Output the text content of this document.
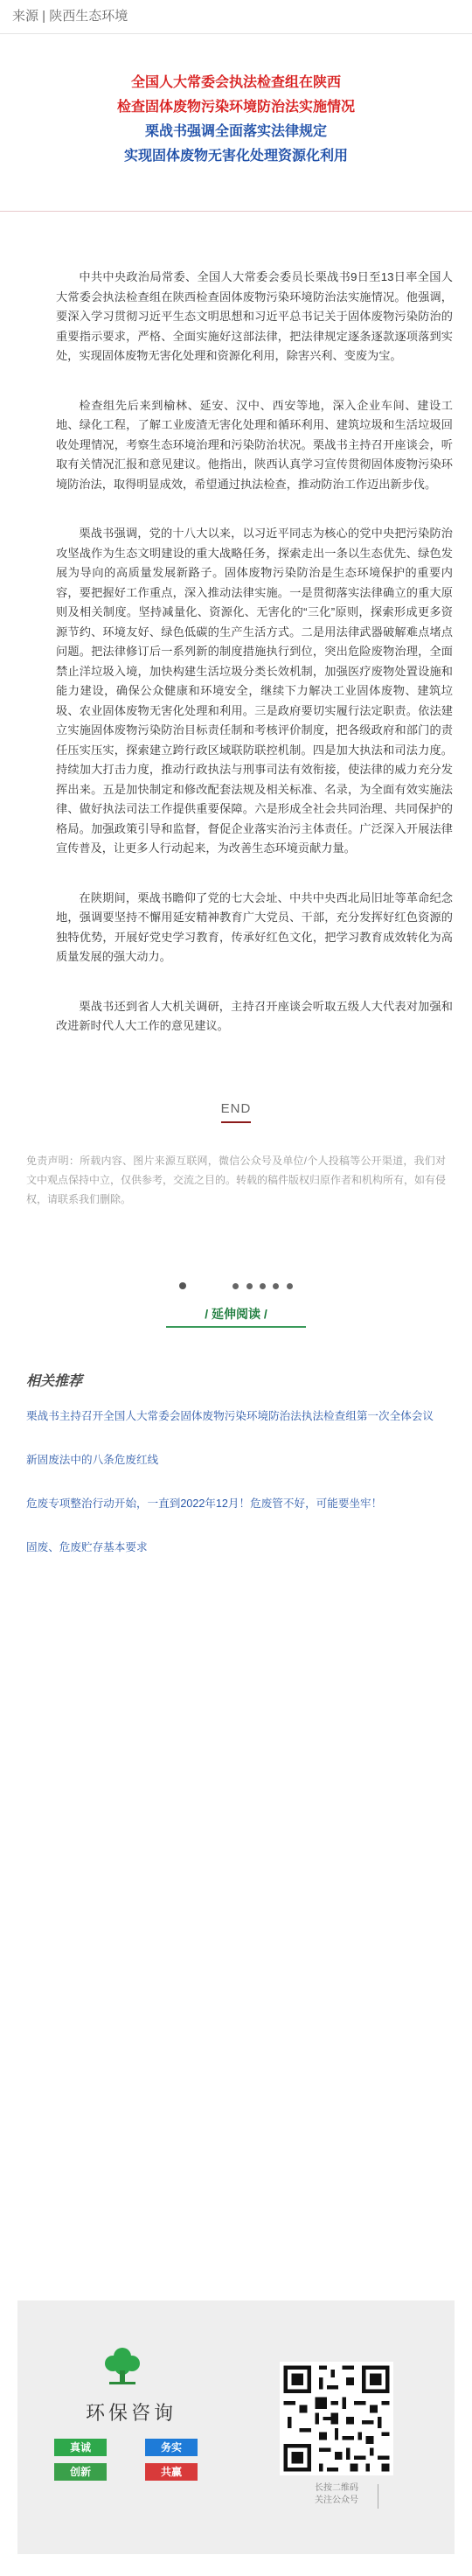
来源 | 陕西生态环境
全国人大常委会执法检查组在陕西
检查固体废物污染环境防治法实施情况
栗战书强调全面落实法律规定
实现固体废物无害化处理资源化利用

中共中央政治局常委、全国人大常委会委员长栗战书9日至13日率全国人大常委会执法检查组在陕西检查固体废物污染环境防治法实施情况。他强调，要深入学习贯彻习近平生态文明思想和习近平总书记关于固体废物污染防治的重要指示要求，严格、全面实施好这部法律，把法律规定逐条逐款逐项落到实处，实现固体废物无害化处理和资源化利用，除害兴利、变废为宝。

检查组先后来到榆林、延安、汉中、西安等地，深入企业车间、建设工地、绿化工程，了解工业废渣无害化处理和循环利用、建筑垃圾和生活垃圾回收处理情况，考察生态环境治理和污染防治状况。栗战书主持召开座谈会，听取有关情况汇报和意见建议。他指出，陕西认真学习宣传贯彻固体废物污染环境防治法，取得明显成效，希望通过执法检查，推动防治工作迈出新步伐。

栗战书强调，党的十八大以来，以习近平同志为核心的党中央把污染防治攻坚战作为生态文明建设的重大战略任务，探索走出一条以生态优先、绿色发展为导向的高质量发展新路子。固体废物污染防治是生态环境保护的重要内容，要把握好工作重点，深入推动法律实施。一是贯彻落实法律确立的重大原则及相关制度。坚持减量化、资源化、无害化的“三化”原则，探索形成更多资源节约、环境友好、绿色低碳的生产生活方式。二是用法律武器破解难点堵点问题。把法律修订后一系列新的制度措施执行到位，突出危险废物治理，全面禁止洋垃圾入境，加快构建生活垃圾分类长效机制，加强医疗废物处置设施和能力建设，确保公众健康和环境安全，继续下力解决工业固体废物、建筑垃圾、农业固体废物无害化处理和利用。三是政府要切实履行法定职责。依法建立实施固体废物污染防治目标责任制和考核评价制度，把各级政府和部门的责任压实压实，探索建立跨行政区域联防联控机制。四是加大执法和司法力度。持续加大打击力度，推动行政执法与刑事司法有效衔接，使法律的威力充分发挥出来。五是加快制定和修改配套法规及相关标准、名录，为全面有效实施法律、做好执法司法工作提供重要保障。六是形成全社会共同治理、共同保护的格局。加强政策引导和监督，督促企业落实治污主体责任。广泛深入开展法律宣传普及，让更多人行动起来，为改善生态环境贡献力量。

在陕期间，栗战书瞻仰了党的七大会址、中共中央西北局旧址等革命纪念地，强调要坚持不懈用延安精神教育广大党员、干部，充分发挥好红色资源的独特优势，开展好党史学习教育，传承好红色文化，把学习教育成效转化为高质量发展的强大动力。

栗战书还到省人大机关调研，主持召开座谈会听取五级人大代表对加强和改进新时代人大工作的意见建议。

END
免责声明：所载内容、图片来源互联网，微信公众号及单位/个人投稿等公开渠道，我们对文中观点保持中立，仅供参考，交流之目的。转载的稿件版权归原作者和机构所有，如有侵权，请联系我们删除。

/ 延伸阅读 /
相关推荐
栗战书主持召开全国人大常委会固体废物污染环境防治法执法检查组第一次全体会议
新固废法中的八条危废红线
危废专项整治行动开始，一直到2022年12月！危废管不好，可能要坐牢！
固废、危废贮存基本要求
环保咨询
真诚	务实 创新	共赢
长按二维码
关注公众号
